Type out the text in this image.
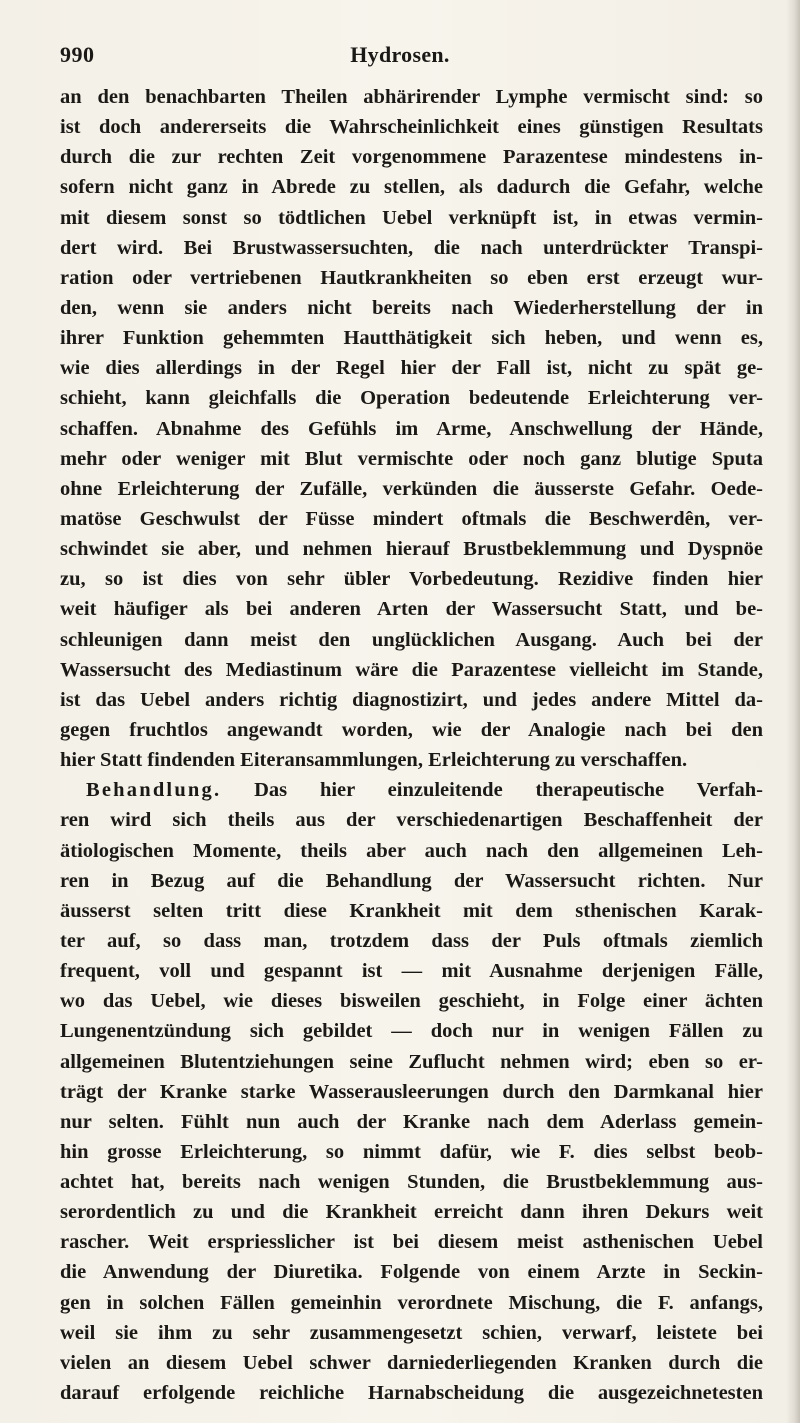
990	Hydrosen.
an den benachbarten Theilen abhärirender Lymphe vermischt sind: so
ist doch andererseits die Wahrscheinlichkeit eines günstigen Resultats
durch die zur rechten Zeit vorgenommene Parazentese mindestens in-
sofern nicht ganz in Abrede zu stellen, als dadurch die Gefahr, welche
mit diesem sonst so tödtlichen Uebel verknüpft ist, in etwas vermin-
dert wird. Bei Brustwassersuchten, die nach unterdrückter Transpi-
ration oder vertriebenen Hautkrankheiten so eben erst erzeugt wur-
den, wenn sie anders nicht bereits nach Wiederherstellung der in
ihrer Funktion gehemmten Hautthätigkeit sich heben, und wenn es,
wie dies allerdings in der Regel hier der Fall ist, nicht zu spät ge-
schieht, kann gleichfalls die Operation bedeutende Erleichterung ver-
schaffen. Abnahme des Gefühls im Arme, Anschwellung der Hände,
mehr oder weniger mit Blut vermischte oder noch ganz blutige Sputa
ohne Erleichterung der Zufälle, verkünden die äusserste Gefahr. Oede-
matöse Geschwulst der Füsse mindert oftmals die Beschwerdên, ver-
schwindet sie aber, und nehmen hierauf Brustbeklemmung und Dyspnöe
zu, so ist dies von sehr übler Vorbedeutung. Rezidive finden hier
weit häufiger als bei anderen Arten der Wassersucht Statt, und be-
schleunigen dann meist den unglücklichen Ausgang. Auch bei der
Wassersucht des Mediastinum wäre die Parazentese vielleicht im Stande,
ist das Uebel anders richtig diagnostizirt, und jedes andere Mittel da-
gegen fruchtlos angewandt worden, wie der Analogie nach bei den
hier Statt findenden Eiteransammlungen, Erleichterung zu verschaffen.
Behandlung. Das hier einzuleitende therapeutische Verfah-
ren wird sich theils aus der verschiedenartigen Beschaffenheit der
ätiologischen Momente, theils aber auch nach den allgemeinen Leh-
ren in Bezug auf die Behandlung der Wassersucht richten. Nur
äusserst selten tritt diese Krankheit mit dem sthenischen Karak-
ter auf, so dass man, trotzdem dass der Puls oftmals ziemlich
frequent, voll und gespannt ist — mit Ausnahme derjenigen Fälle,
wo das Uebel, wie dieses bisweilen geschieht, in Folge einer ächten
Lungenentzündung sich gebildet — doch nur in wenigen Fällen zu
allgemeinen Blutentziehungen seine Zuflucht nehmen wird; eben so er-
trägt der Kranke starke Wasserausleerungen durch den Darmkanal hier
nur selten. Fühlt nun auch der Kranke nach dem Aderlass gemein-
hin grosse Erleichterung, so nimmt dafür, wie F. dies selbst beob-
achtet hat, bereits nach wenigen Stunden, die Brustbeklemmung aus-
serordentlich zu und die Krankheit erreicht dann ihren Dekurs weit
rascher. Weit erspriesslicher ist bei diesem meist asthenischen Uebel
die Anwendung der Diuretika. Folgende von einem Arzte in Seckin-
gen in solchen Fällen gemeinhin verordnete Mischung, die F. anfangs,
weil sie ihm zu sehr zusammengesetzt schien, verwarf, leistete bei
vielen an diesem Uebel schwer darniederliegenden Kranken durch die
darauf erfolgende reichliche Harnabscheidung die ausgezeichnetesten
